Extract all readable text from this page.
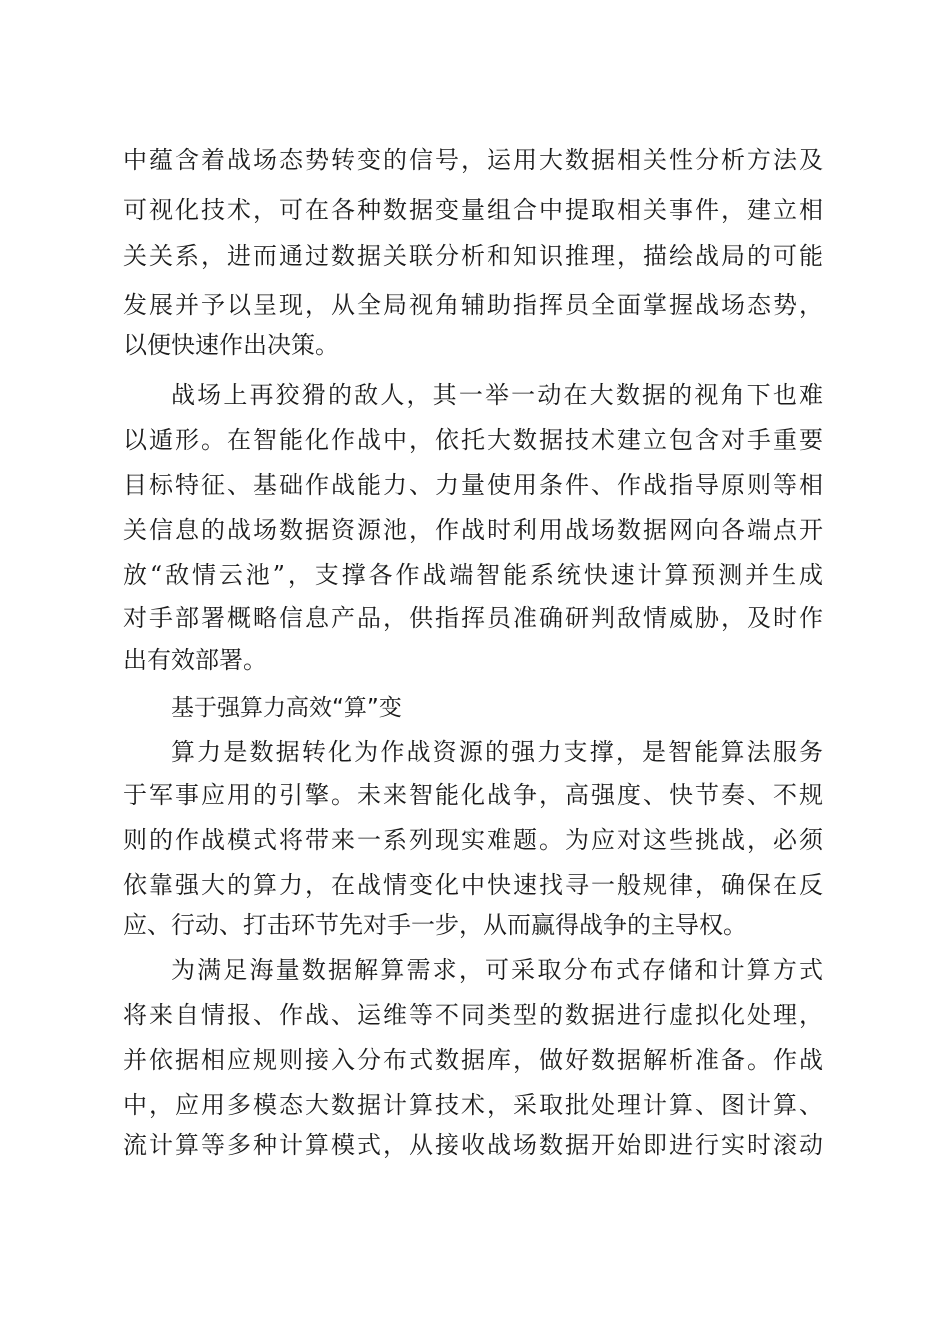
中蕴含着战场态势转变的信号，运用大数据相关性分析方法及
可视化技术，可在各种数据变量组合中提取相关事件，建立相
关关系，进而通过数据关联分析和知识推理，描绘战局的可能
发展并予以呈现，从全局视角辅助指挥员全面掌握战场态势，
以便快速作出决策。
战场上再狡猾的敌人，其一举一动在大数据的视角下也难
以遁形。在智能化作战中，依托大数据技术建立包含对手重要
目标特征、基础作战能力、力量使用条件、作战指导原则等相
关信息的战场数据资源池，作战时利用战场数据网向各端点开
放“敌情云池”，支撑各作战端智能系统快速计算预测并生成
对手部署概略信息产品，供指挥员准确研判敌情威胁，及时作
出有效部署。
基于强算力高效“算”变
算力是数据转化为作战资源的强力支撑，是智能算法服务
于军事应用的引擎。未来智能化战争，高强度、快节奏、不规
则的作战模式将带来一系列现实难题。为应对这些挑战，必须
依靠强大的算力，在战情变化中快速找寻一般规律，确保在反
应、行动、打击环节先对手一步，从而赢得战争的主导权。
为满足海量数据解算需求，可采取分布式存储和计算方式
将来自情报、作战、运维等不同类型的数据进行虚拟化处理，
并依据相应规则接入分布式数据库，做好数据解析准备。作战
中，应用多模态大数据计算技术，采取批处理计算、图计算、
流计算等多种计算模式，从接收战场数据开始即进行实时滚动
